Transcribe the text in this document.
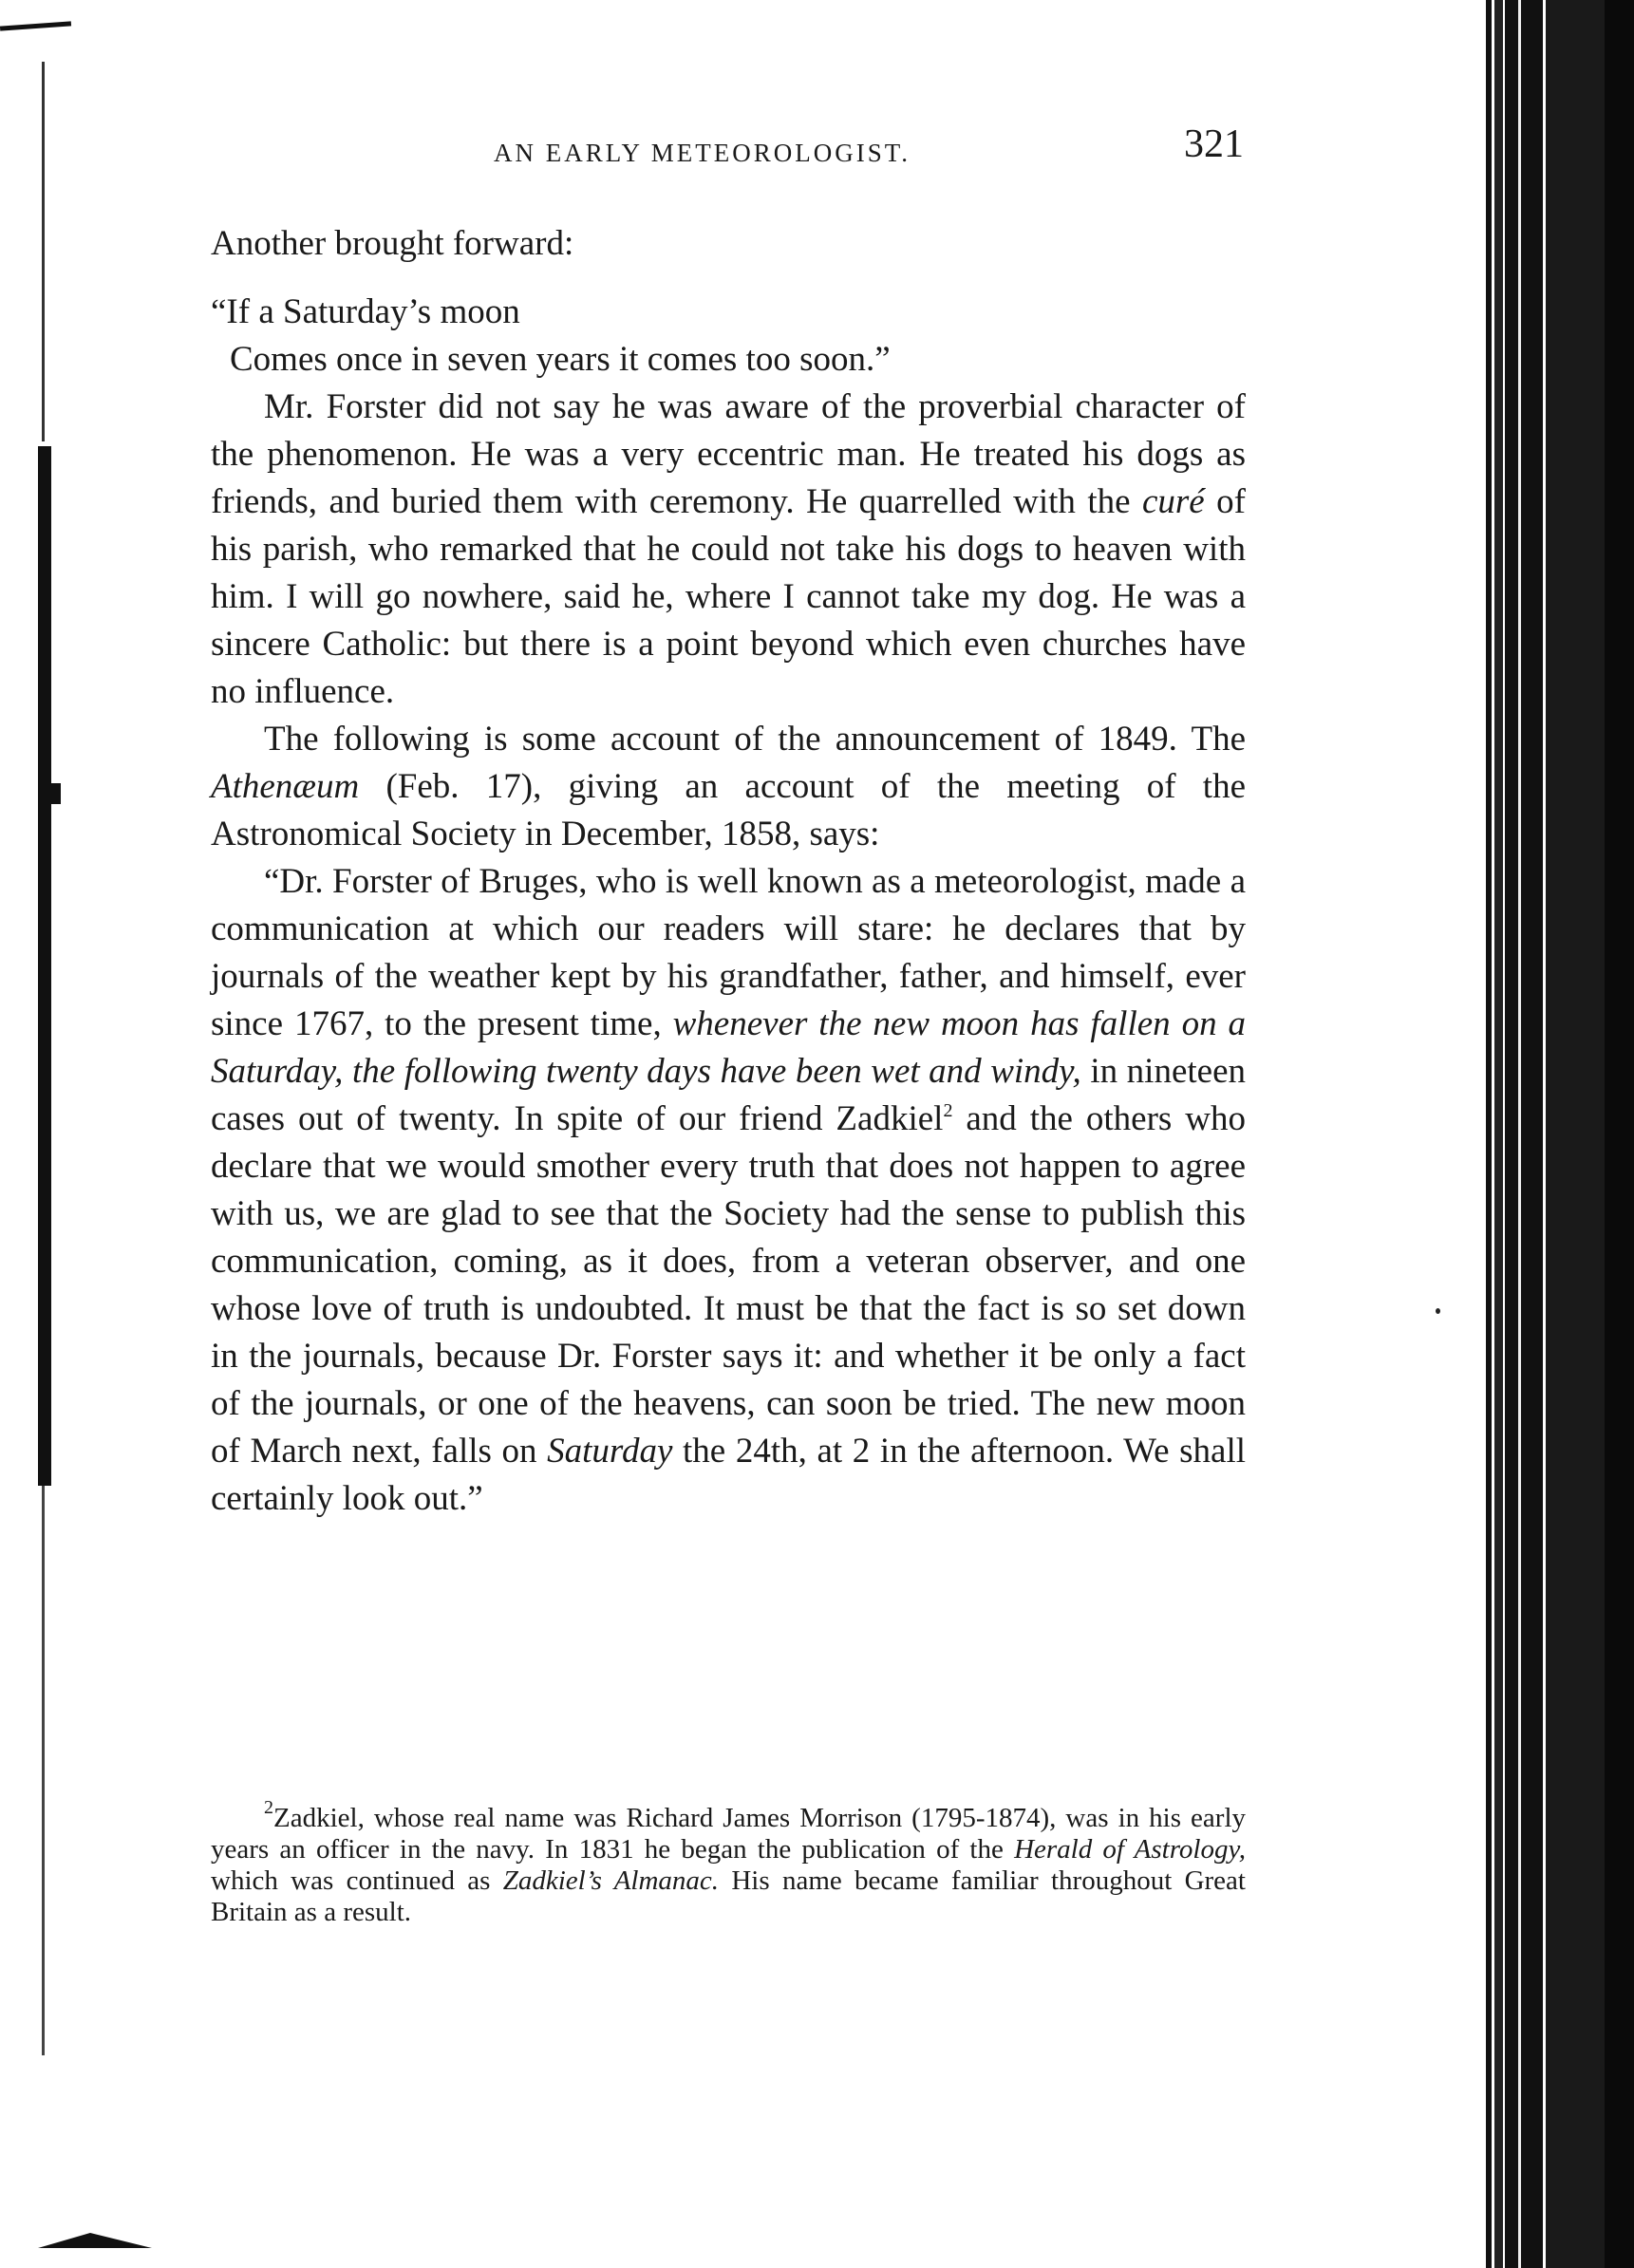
AN EARLY METEOROLOGIST.	321

Another brought forward:

“If a Saturday’s moon
Comes once in seven years it comes too soon.”

Mr. Forster did not say he was aware of the proverbial character of the phenomenon. He was a very eccentric man. He treated his dogs as friends, and buried them with ceremony. He quarrelled with the curé of his parish, who remarked that he could not take his dogs to heaven with him. I will go nowhere, said he, where I cannot take my dog. He was a sincere Catholic: but there is a point beyond which even churches have no influence.

The following is some account of the announcement of 1849. The Athenæum (Feb. 17), giving an account of the meeting of the Astronomical Society in December, 1858, says:

“Dr. Forster of Bruges, who is well known as a meteorologist, made a communication at which our readers will stare: he declares that by journals of the weather kept by his grandfather, father, and himself, ever since 1767, to the present time, whenever the new moon has fallen on a Saturday, the following twenty days have been wet and windy, in nineteen cases out of twenty. In spite of our friend Zadkiel$^2$ and the others who declare that we would smother every truth that does not happen to agree with us, we are glad to see that the Society had the sense to publish this communication, coming, as it does, from a veteran observer, and one whose love of truth is undoubted. It must be that the fact is so set down in the journals, because Dr. Forster says it: and whether it be only a fact of the journals, or one of the heavens, can soon be tried. The new moon of March next, falls on Saturday the 24th, at 2 in the afternoon. We shall certainly look out.”

$^2$Zadkiel, whose real name was Richard James Morrison (1795-1874), was in his early years an officer in the navy. In 1831 he began the publication of the Herald of Astrology, which was continued as Zadkiel’s Almanac. His name became familiar throughout Great Britain as a result.
